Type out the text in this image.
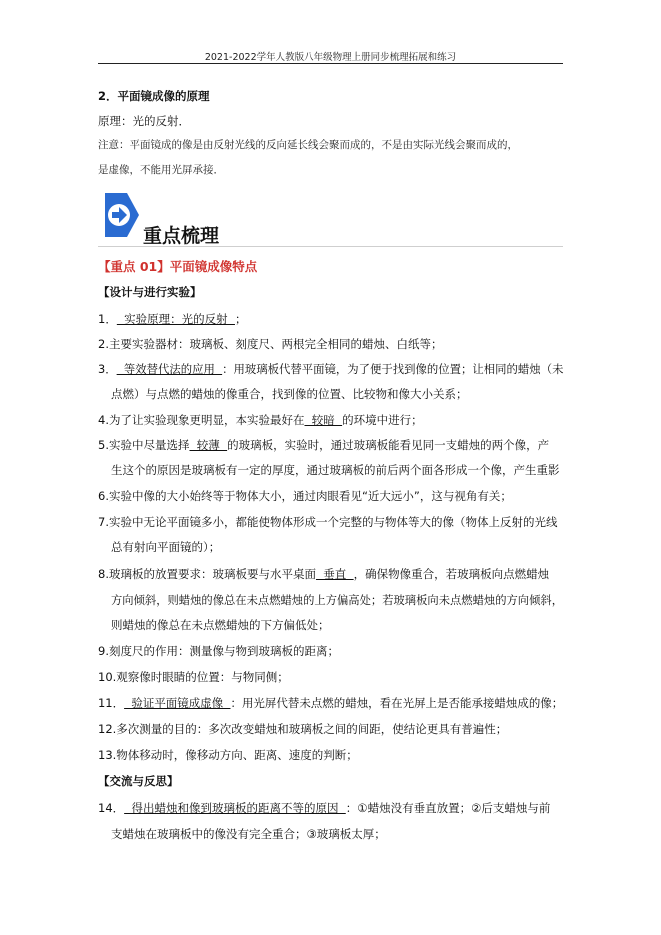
2021-2022学年人教版八年级物理上册同步梳理拓展和练习
2．平面镜成像的原理
原理：光的反射．
注意：平面镜成的像是由反射光线的反向延长线会聚而成的，不是由实际光线会聚而成的，
是虚像，不能用光屏承接．
重点梳理
【重点 01】平面镜成像特点
【设计与进行实验】
1．  实验原理：光的反射  ；
2.主要实验器材：玻璃板、刻度尺、两根完全相同的蜡烛、白纸等；
3．  等效替代法的应用  ：用玻璃板代替平面镜，为了便于找到像的位置；让相同的蜡烛（未
点燃）与点燃的蜡烛的像重合，找到像的位置、比较物和像大小关系；
4.为了让实验现象更明显，本实验最好在  较暗  的环境中进行；
5.实验中尽量选择  较薄  的玻璃板，实验时，通过玻璃板能看见同一支蜡烛的两个像，产
生这个的原因是玻璃板有一定的厚度，通过玻璃板的前后两个面各形成一个像，产生重影
6.实验中像的大小始终等于物体大小，通过肉眼看见“近大远小”，这与视角有关；
7.实验中无论平面镜多小，都能使物体形成一个完整的与物体等大的像（物体上反射的光线
总有射向平面镜的）；
8.玻璃板的放置要求：玻璃板要与水平桌面  垂直  ，确保物像重合，若玻璃板向点燃蜡烛
方向倾斜，则蜡烛的像总在未点燃蜡烛的上方偏高处；若玻璃板向未点燃蜡烛的方向倾斜，
则蜡烛的像总在未点燃蜡烛的下方偏低处；
9.刻度尺的作用：测量像与物到玻璃板的距离；
10.观察像时眼睛的位置：与物同侧；
11．  验证平面镜成虚像  ：用光屏代替未点燃的蜡烛，看在光屏上是否能承接蜡烛成的像；
12.多次测量的目的：多次改变蜡烛和玻璃板之间的间距，使结论更具有普遍性；
13.物体移动时，像移动方向、距离、速度的判断；
【交流与反思】
14．  得出蜡烛和像到玻璃板的距离不等的原因  ：①蜡烛没有垂直放置；②后支蜡烛与前
支蜡烛在玻璃板中的像没有完全重合；③玻璃板太厚；
